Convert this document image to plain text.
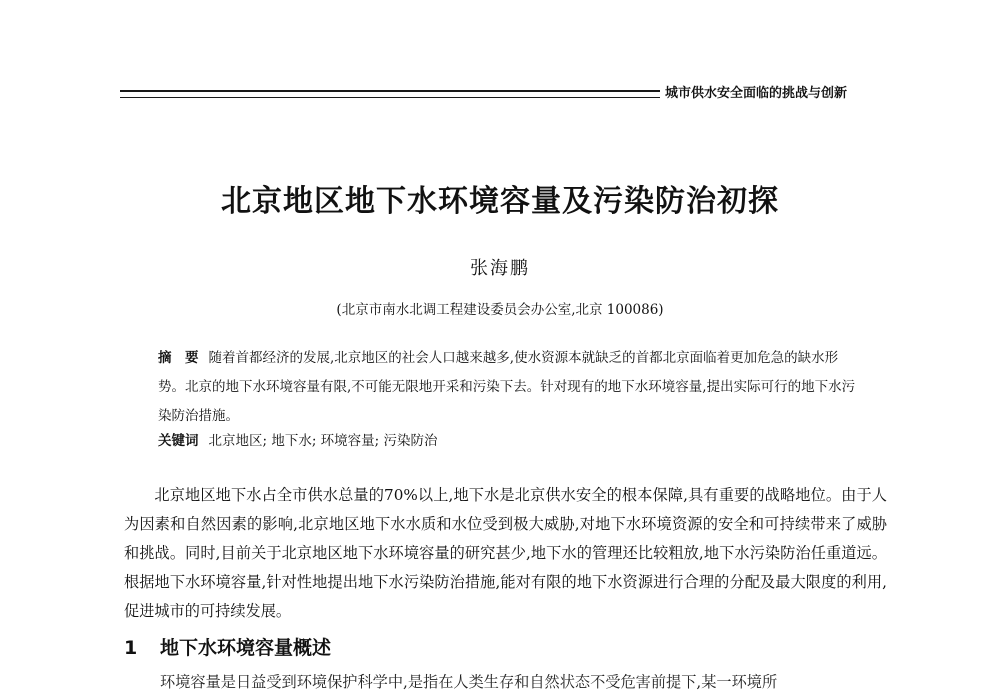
城市供水安全面临的挑战与创新
北京地区地下水环境容量及污染防治初探
张海鹏
(北京市南水北调工程建设委员会办公室,北京 100086)
摘　要 随着首都经济的发展,北京地区的社会人口越来越多,使水资源本就缺乏的首都北京面临着更加危急的缺水形势。北京的地下水环境容量有限,不可能无限地开采和污染下去。针对现有的地下水环境容量,提出实际可行的地下水污染防治措施。
关键词 北京地区; 地下水; 环境容量; 污染防治
北京地区地下水占全市供水总量的70%以上,地下水是北京供水安全的根本保障,具有重要的战略地位。由于人为因素和自然因素的影响,北京地区地下水水质和水位受到极大威胁,对地下水环境资源的安全和可持续带来了威胁和挑战。同时,目前关于北京地区地下水环境容量的研究甚少,地下水的管理还比较粗放,地下水污染防治任重道远。根据地下水环境容量,针对性地提出地下水污染防治措施,能对有限的地下水资源进行合理的分配及最大限度的利用,促进城市的可持续发展。
1 地下水环境容量概述
环境容量是日益受到环境保护科学中,是指在人类生存和自然状态不受危害前提下,某一环境所
